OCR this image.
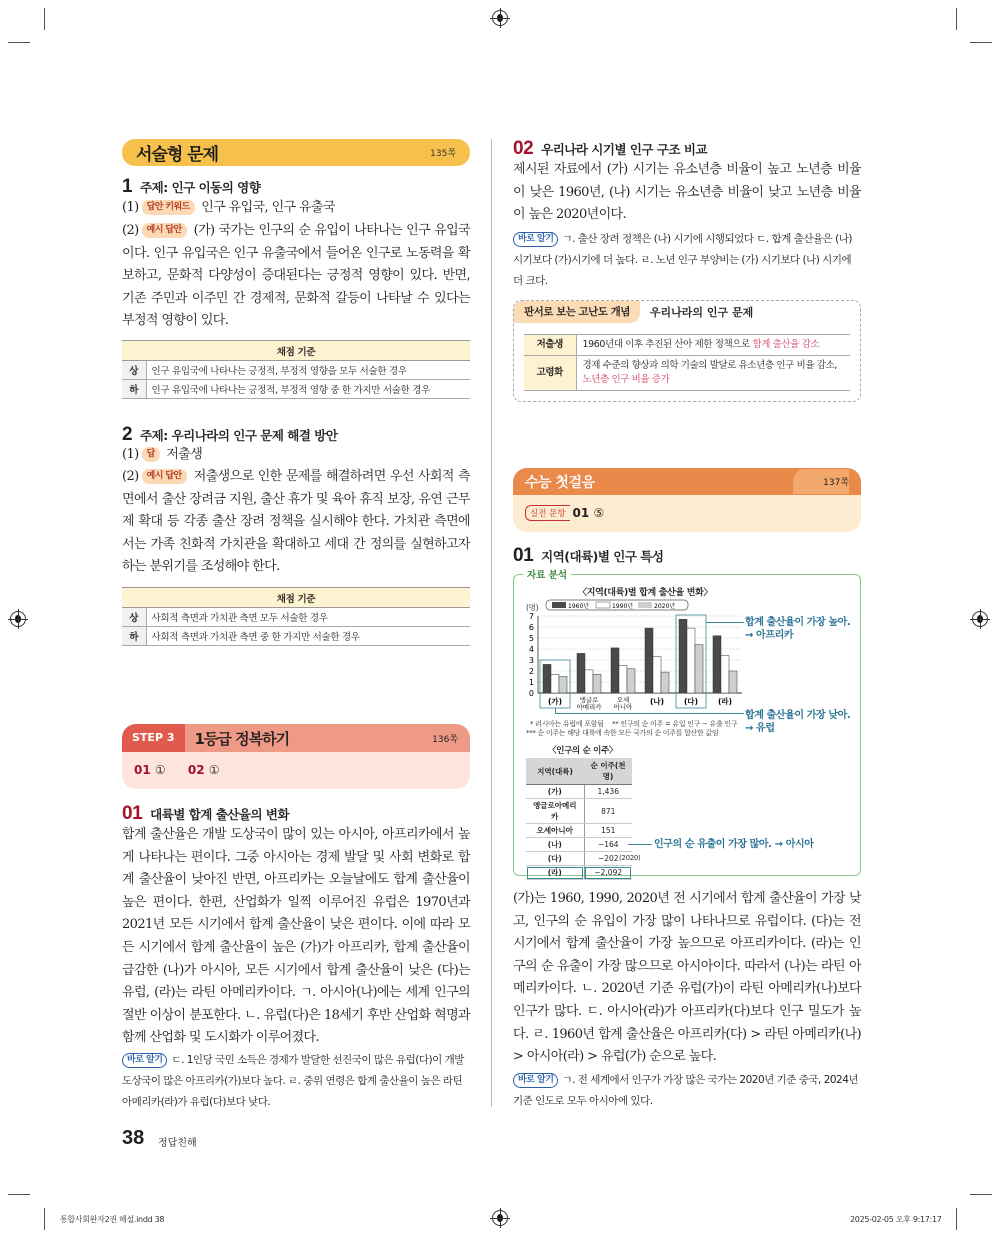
서술형 문제	135쪽
1 주제: 인구 이동의 영향
(1) 답안 키워드 인구 유입국, 인구 유출국
(2) 예시 답안 (가) 국가는 인구의 순 유입이 나타나는 인구 유입국이다. 인구 유입국은 인구 유출국에서 들어온 인구로 노동력을 확보하고, 문화적 다양성이 증대된다는 긍정적 영향이 있다. 반면, 기존 주민과 이주민 간 경제적, 문화적 갈등이 나타날 수 있다는 부정적 영향이 있다.
채점 기준	
상	인구 유입국에 나타나는 긍정적, 부정적 영향을 모두 서술한 경우
하	인구 유입국에 나타나는 긍정적, 부정적 영향 중 한 가지만 서술한 경우
2 주제: 우리나라의 인구 문제 해결 방안
(1) 답 저출생
(2) 예시 답안 저출생으로 인한 문제를 해결하려면 우선 사회적 측면에서 출산 장려금 지원, 출산 휴가 및 육아 휴직 보장, 유연 근무제 확대 등 각종 출산 장려 정책을 실시해야 한다. 가치관 측면에서는 가족 친화적 가치관을 확대하고 세대 간 정의를 실현하고자 하는 분위기를 조성해야 한다.
채점 기준	
상	사회적 측면과 가치관 측면 모두 서술한 경우
하	사회적 측면과 가치관 측면 중 한 가지만 서술한 경우
STEP 3	1등급 정복하기	136쪽
01 ① 02 ①
01 대륙별 합계 출산율의 변화
합계 출산율은 개발 도상국이 많이 있는 아시아, 아프리카에서 높게 나타나는 편이다. 그중 아시아는 경제 발달 및 사회 변화로 합계 출산율이 낮아진 반면, 아프리카는 오늘날에도 합계 출산율이 높은 편이다. 한편, 산업화가 일찍 이루어진 유럽은 1970년과 2021년 모든 시기에서 합계 출산율이 낮은 편이다. 이에 따라 모든 시기에서 합계 출산율이 높은 (가)가 아프리카, 합계 출산율이 급감한 (나)가 아시아, 모든 시기에서 합계 출산율이 낮은 (다)는 유럽, (라)는 라틴 아메리카이다. ㄱ. 아시아(나)에는 세계 인구의 절반 이상이 분포한다. ㄴ. 유럽(다)은 18세기 후반 산업화 혁명과 함께 산업화 및 도시화가 이루어졌다.
바로 알기 ㄷ. 1인당 국민 소득은 경제가 발달한 선진국이 많은 유럽(다)이 개발 도상국이 많은 아프리카(가)보다 높다. ㄹ. 중위 연령은 합계 출산율이 높은 라틴 아메리카(라)가 유럽(다)보다 낮다.
38 정답친해
02 우리나라 시기별 인구 구조 비교
제시된 자료에서 (가) 시기는 유소년층 비율이 높고 노년층 비율이 낮은 1960년, (나) 시기는 유소년층 비율이 낮고 노년층 비율이 높은 2020년이다.
바로 알기 ㄱ. 출산 장려 정책은 (나) 시기에 시행되었다 ㄷ. 합계 출산율은 (나) 시기보다 (가)시기에 더 높다. ㄹ. 노년 인구 부양비는 (가) 시기보다 (나) 시기에 더 크다.
판서로 보는 고난도 개념	우리나라의 인구 문제
저출생	1960년대 이후 추진된 산아 제한 정책으로 합계 출산율 감소
고령화	경제 수준의 향상과 의학 기술의 발달로 유소년층 인구 비율 감소, 노년층 인구 비율 증가
수능 첫걸음	137쪽
실전 문항 01 ⑤
01 지역(대륙)별 인구 특성
자료 분석
〈지역(대륙)별 합계 출산율 변화〉
(명)	1960년	1990년	2020년
7
6
5
4
3
2
1
0
(가)	앵글로
아메리카
오세
아니아
(나)	(다)	(라)
합계 출산율이 가장 높아.
→ 아프리카
합계 출산율이 가장 낮아.
→ 유럽
* 러시아는 유럽에 포함됨 ** 인구의 순 이주 = 유입 인구 − 유출 인구
*** 순 이주는 해당 대륙에 속한 모든 국가의 순 이주를 합산한 값임
〈인구의 순 이주〉
지역(대륙)	순 이주(천 명)
(가)	1,436
앵글로아메리카	871
오세아니아	151
(나)	−164
(다)	−202
(라)	−2,092
(2020)
인구의 순 유출이 가장 많아. → 아시아
(가)는 1960, 1990, 2020년 전 시기에서 합계 출산율이 가장 낮고, 인구의 순 유입이 가장 많이 나타나므로 유럽이다. (다)는 전 시기에서 합계 출산율이 가장 높으므로 아프리카이다. (라)는 인구의 순 유출이 가장 많으므로 아시아이다. 따라서 (나)는 라틴 아메리카이다. ㄴ. 2020년 기준 유럽(가)이 라틴 아메리카(나)보다 인구가 많다. ㄷ. 아시아(라)가 아프리카(다)보다 인구 밀도가 높다. ㄹ. 1960년 합계 출산율은 아프리카(다) > 라틴 아메리카(나) > 아시아(라) > 유럽(가) 순으로 높다.
바로 알기 ㄱ. 전 세계에서 인구가 가장 많은 국가는 2020년 기준 중국, 2024년 기준 인도로 모두 아시아에 있다.
통합사회완자2권 해설.indd 38	2025-02-05 오후 9:17:17
